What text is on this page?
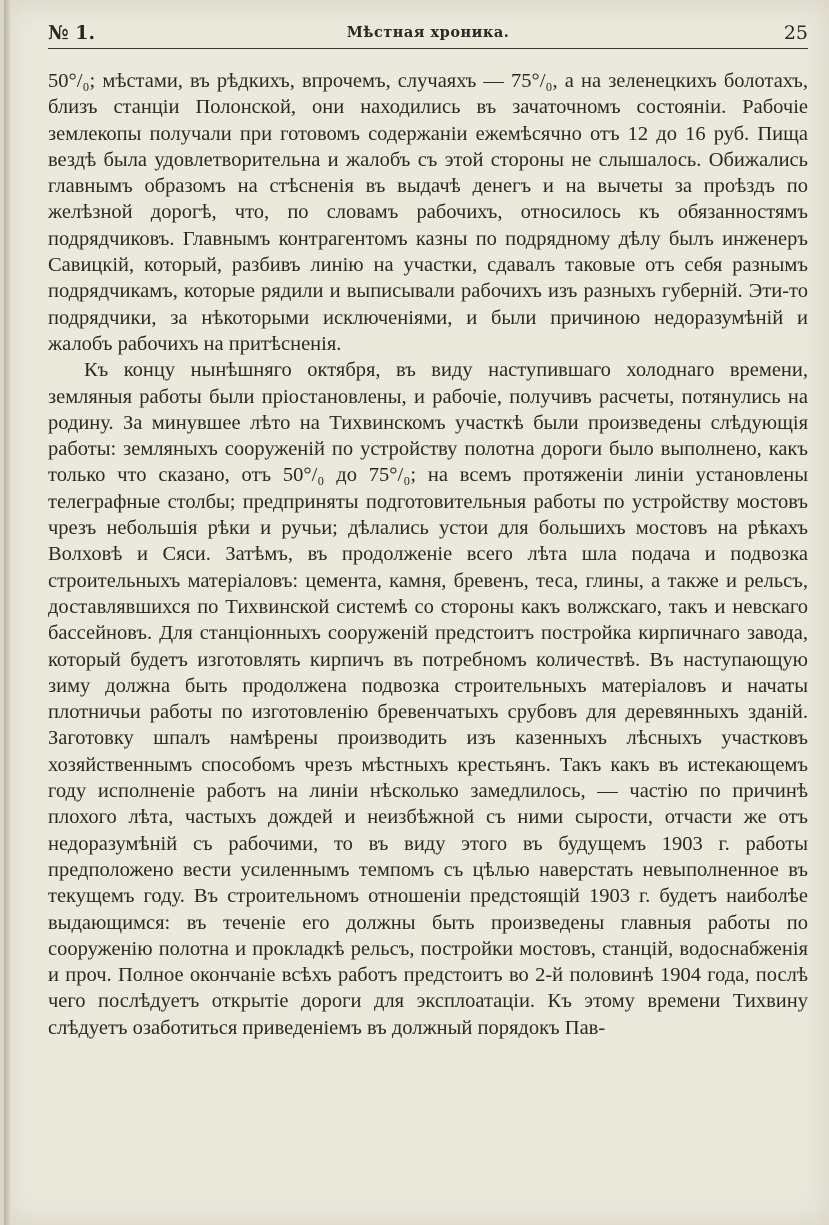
№ 1.	Мѣстная хроника.	25

50°/₀; мѣстами, въ рѣдкихъ, впрочемъ, случаяхъ — 75°/₀, а на зеленецкихъ болотахъ, близъ станціи Полонской, они находились въ зачаточномъ состояніи. Рабочіе землекопы получали при готовомъ содержаніи ежемѣсячно отъ 12 до 16 руб. Пища вездѣ была удовлетворительна и жалобъ съ этой стороны не слышалось. Обижались главнымъ образомъ на стѣсненія въ выдачѣ денегъ и на вычеты за проѣздъ по желѣзной дорогѣ, что, по словамъ рабочихъ, относилось къ обязанностямъ подрядчиковъ. Главнымъ контрагентомъ казны по подрядному дѣлу былъ инженеръ Савицкій, который, разбивъ линію на участки, сдавалъ таковые отъ себя разнымъ подрядчикамъ, которые рядили и выписывали рабочихъ изъ разныхъ губерній. Эти-то подрядчики, за нѣкоторыми исключеніями, и были причиною недоразумѣній и жалобъ рабочихъ на притѣсненія.

Къ концу нынѣшняго октября, въ виду наступившаго холоднаго времени, земляныя работы были пріостановлены, и рабочіе, получивъ расчеты, потянулись на родину. За минувшее лѣто на Тихвинскомъ участкѣ были произведены слѣдующія работы: земляныхъ сооруженій по устройству полотна дороги было выполнено, какъ только что сказано, отъ 50°/₀ до 75°/₀; на всемъ протяженіи линіи установлены телеграфные столбы; предприняты подготовительныя работы по устройству мостовъ чрезъ небольшія рѣки и ручьи; дѣлались устои для большихъ мостовъ на рѣкахъ Волховѣ и Сяси. Затѣмъ, въ продолженіе всего лѣта шла подача и подвозка строительныхъ матеріаловъ: цемента, камня, бревенъ, теса, глины, а также и рельсъ, доставлявшихся по Тихвинской системѣ со стороны какъ волжскаго, такъ и невскаго бассейновъ. Для станціонныхъ сооруженій предстоитъ постройка кирпичнаго завода, который будетъ изготовлять кирпичъ въ потребномъ количествѣ. Въ наступающую зиму должна быть продолжена подвозка строительныхъ матеріаловъ и начаты плотничьи работы по изготовленію бревенчатыхъ срубовъ для деревянныхъ зданій. Заготовку шпалъ намѣрены производить изъ казенныхъ лѣсныхъ участковъ хозяйственнымъ способомъ чрезъ мѣстныхъ крестьянъ. Такъ какъ въ истекающемъ году исполненіе работъ на линіи нѣсколько замедлилось, — частію по причинѣ плохого лѣта, частыхъ дождей и неизбѣжной съ ними сырости, отчасти же отъ недоразумѣній съ рабочими, то въ виду этого въ будущемъ 1903 г. работы предположено вести усиленнымъ темпомъ съ цѣлью наверстать невыполненное въ текущемъ году. Въ строительномъ отношеніи предстоящій 1903 г. будетъ наиболѣе выдающимся: въ теченіе его должны быть произведены главныя работы по сооруженію полотна и прокладкѣ рельсъ, постройки мостовъ, станцій, водоснабженія и проч. Полное окончаніе всѣхъ работъ предстоитъ во 2-й половинѣ 1904 года, послѣ чего послѣдуетъ открытіе дороги для эксплоатаціи. Къ этому времени Тихвину слѣдуетъ озаботиться приведеніемъ въ должный порядокъ Пав-
